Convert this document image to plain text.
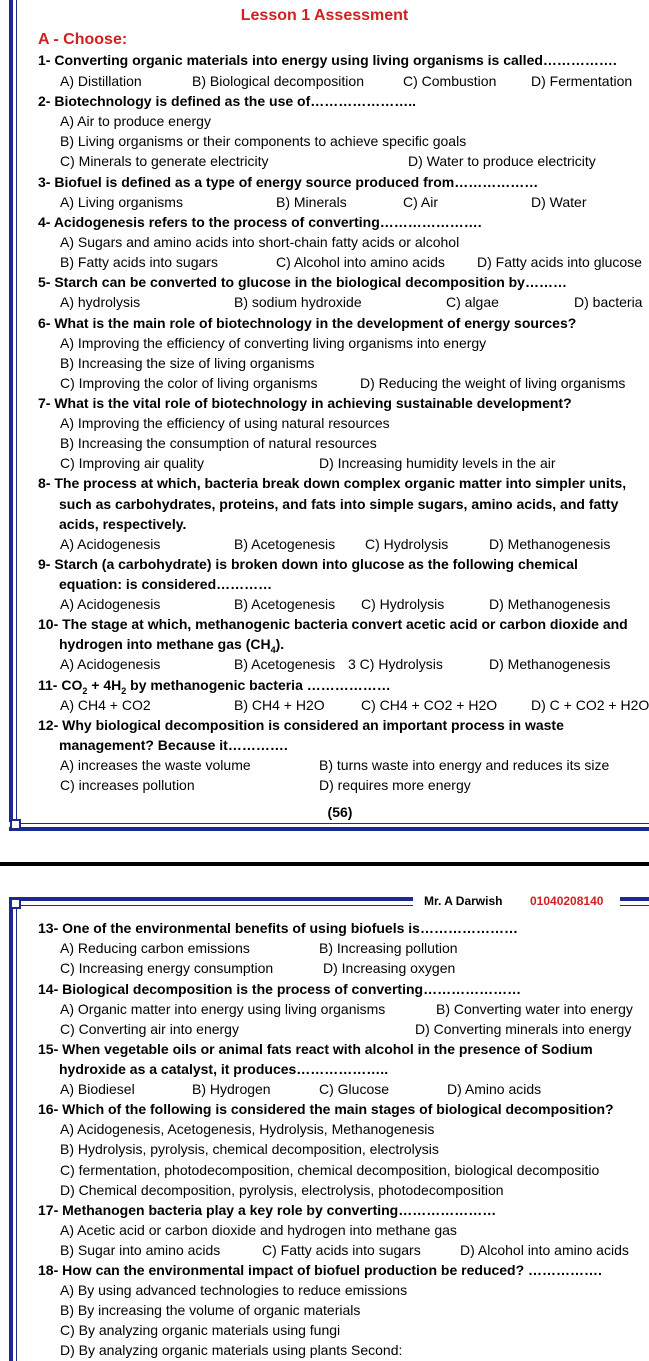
Lesson 1 Assessment
A - Choose:
1- Converting organic materials into energy using living organisms is called…………….
A) Distillation	B) Biological decomposition	C) Combustion D) Fermentation
2- Biotechnology is defined as the use of…………………..
A) Air to produce energy
B) Living organisms or their components to achieve specific goals
C) Minerals to generate electricity	D) Water to produce electricity
3- Biofuel is defined as a type of energy source produced from………………
A) Living organisms	B) Minerals	C) Air	D) Water
4- Acidogenesis refers to the process of converting………………….
A) Sugars and amino acids into short-chain fatty acids or alcohol
B) Fatty acids into sugars	C) Alcohol into amino acids D) Fatty acids into glucose
5- Starch can be converted to glucose in the biological decomposition by………
A) hydrolysis	B) sodium hydroxide	C) algae	D) bacteria
6- What is the main role of biotechnology in the development of energy sources?
A) Improving the efficiency of converting living organisms into energy
B) Increasing the size of living organisms
C) Improving the color of living organisms	D) Reducing the weight of living organisms
7- What is the vital role of biotechnology in achieving sustainable development?
A) Improving the efficiency of using natural resources
B) Increasing the consumption of natural resources
C) Improving air quality	D) Increasing humidity levels in the air
8- The process at which, bacteria break down complex organic matter into simpler units,
such as carbohydrates, proteins, and fats into simple sugars, amino acids, and fatty
acids, respectively.
A) Acidogenesis	B) Acetogenesis C) Hydrolysis	D) Methanogenesis
9- Starch (a carbohydrate) is broken down into glucose as the following chemical
equation: is considered…………
A) Acidogenesis	B) Acetogenesis C) Hydrolysis	D) Methanogenesis
10- The stage at which, methanogenic bacteria convert acetic acid or carbon dioxide and
hydrogen into methane gas $(CH_4)$.
A) Acidogenesis	B) Acetogenesis 3 C) Hydrolysis	D) Methanogenesis
11- $CO_2 + 4H_2$ by methanogenic bacteria ………………
A) CH4 + CO2	B) CH4 + H2O	C) CH4 + CO2 + H2O D) C + CO2 + H2O
12- Why biological decomposition is considered an important process in waste
management? Because it………….
A) increases the waste volume	B) turns waste into energy and reduces its size
C) increases pollution	D) requires more energy
(56)
Mr. A Darwish 01040208140
13- One of the environmental benefits of using biofuels is…………………
A) Reducing carbon emissions	B) Increasing pollution
C) Increasing energy consumption	D) Increasing oxygen
14- Biological decomposition is the process of converting…………………
A) Organic matter into energy using living organisms	B) Converting water into energy
C) Converting air into energy	D) Converting minerals into energy
15- When vegetable oils or animal fats react with alcohol in the presence of Sodium
hydroxide as a catalyst, it produces………………..
A) Biodiesel	B) Hydrogen	C) Glucose	D) Amino acids
16- Which of the following is considered the main stages of biological decomposition?
A) Acidogenesis, Acetogenesis, Hydrolysis, Methanogenesis
B) Hydrolysis, pyrolysis, chemical decomposition, electrolysis
C) fermentation, photodecomposition, chemical decomposition, biological decompositio
D) Chemical decomposition, pyrolysis, electrolysis, photodecomposition
17- Methanogen bacteria play a key role by converting…………………
A) Acetic acid or carbon dioxide and hydrogen into methane gas
B) Sugar into amino acids	C) Fatty acids into sugars	D) Alcohol into amino acids
18- How can the environmental impact of biofuel production be reduced? …………….
A) By using advanced technologies to reduce emissions
B) By increasing the volume of organic materials
C) By analyzing organic materials using fungi
D) By analyzing organic materials using plants Second:
